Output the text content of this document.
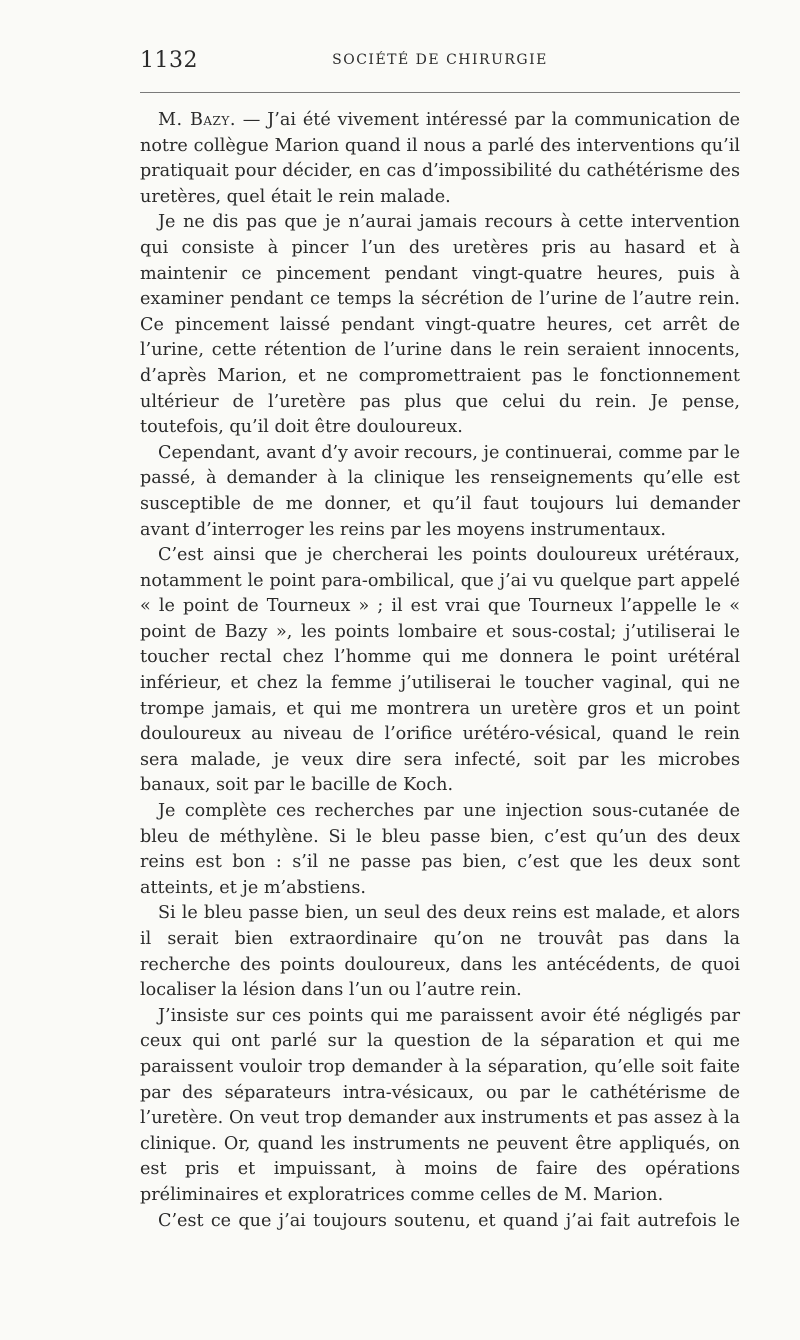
1132	SOCIÉTÉ DE CHIRURGIE

M. Bazy. — J’ai été vivement intéressé par la communication de notre collègue Marion quand il nous a parlé des interventions qu’il pratiquait pour décider, en cas d’impossibilité du cathétérisme des uretères, quel était le rein malade.

Je ne dis pas que je n’aurai jamais recours à cette intervention qui consiste à pincer l’un des uretères pris au hasard et à maintenir ce pincement pendant vingt-quatre heures, puis à examiner pendant ce temps la sécrétion de l’urine de l’autre rein. Ce pincement laissé pendant vingt-quatre heures, cet arrêt de l’urine, cette rétention de l’urine dans le rein seraient innocents, d’après Marion, et ne compromettraient pas le fonctionnement ultérieur de l’uretère pas plus que celui du rein. Je pense, toutefois, qu’il doit être douloureux.

Cependant, avant d’y avoir recours, je continuerai, comme par le passé, à demander à la clinique les renseignements qu’elle est susceptible de me donner, et qu’il faut toujours lui demander avant d’interroger les reins par les moyens instrumentaux.

C’est ainsi que je chercherai les points douloureux urétéraux, notamment le point para-ombilical, que j’ai vu quelque part appelé « le point de Tourneux » ; il est vrai que Tourneux l’appelle le « point de Bazy », les points lombaire et sous-costal; j’utiliserai le toucher rectal chez l’homme qui me donnera le point urétéral inférieur, et chez la femme j’utiliserai le toucher vaginal, qui ne trompe jamais, et qui me montrera un uretère gros et un point douloureux au niveau de l’orifice urétéro-vésical, quand le rein sera malade, je veux dire sera infecté, soit par les microbes banaux, soit par le bacille de Koch.

Je complète ces recherches par une injection sous-cutanée de bleu de méthylène. Si le bleu passe bien, c’est qu’un des deux reins est bon : s’il ne passe pas bien, c’est que les deux sont atteints, et je m’abstiens.

Si le bleu passe bien, un seul des deux reins est malade, et alors il serait bien extraordinaire qu’on ne trouvât pas dans la recherche des points douloureux, dans les antécédents, de quoi localiser la lésion dans l’un ou l’autre rein.

J’insiste sur ces points qui me paraissent avoir été négligés par ceux qui ont parlé sur la question de la séparation et qui me paraissent vouloir trop demander à la séparation, qu’elle soit faite par des séparateurs intra-vésicaux, ou par le cathétérisme de l’uretère. On veut trop demander aux instruments et pas assez à la clinique. Or, quand les instruments ne peuvent être appliqués, on est pris et impuissant, à moins de faire des opérations préliminaires et exploratrices comme celles de M. Marion.

C’est ce que j’ai toujours soutenu, et quand j’ai fait autrefois le
